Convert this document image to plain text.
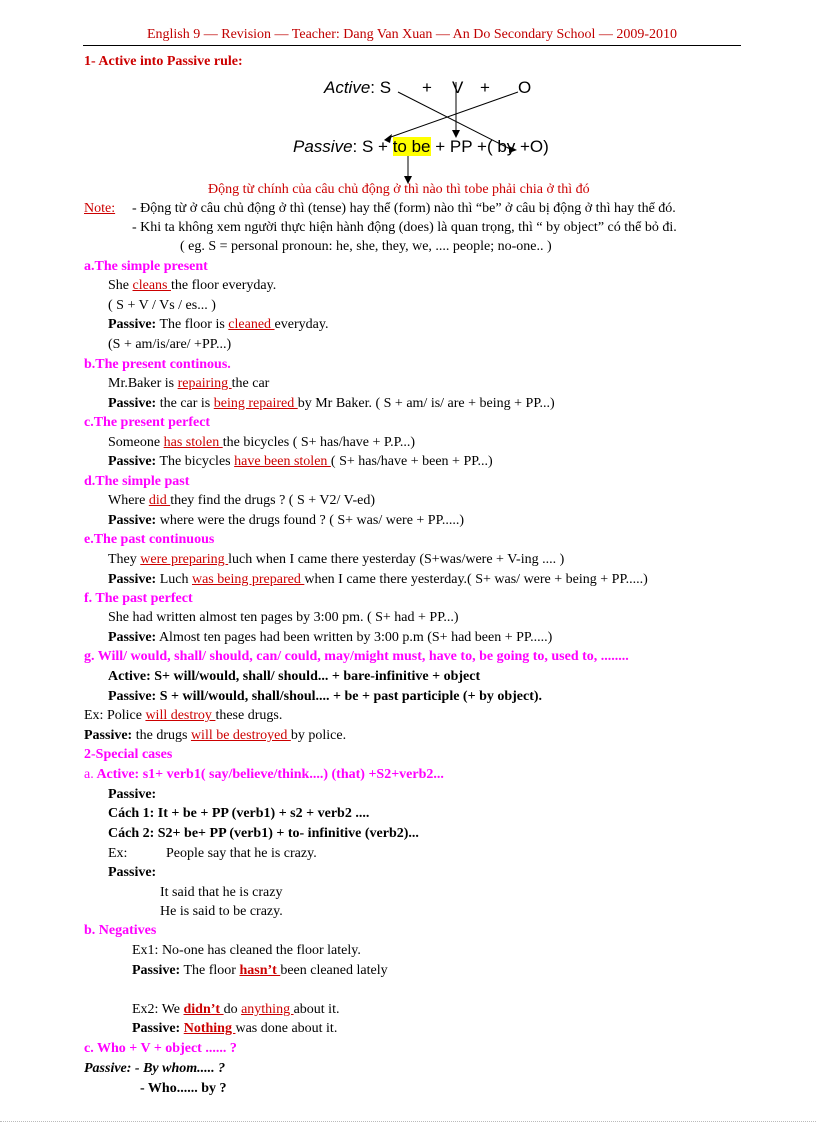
English 9 — Revision — Teacher: Dang Van Xuan — An Do Secondary School — 2009-2010
1- Active into Passive rule:
Active: S + V + O
Passive: S + to be + PP +( by +O)
Động từ chính của câu chủ động ở thì nào thì tobe phải chia ở thì đó
Note: - Động từ ở câu chủ động ở thì (tense) hay thể (form) nào thì “be” ở câu bị động ở thì hay thể đó.
- Khi ta không xem người thực hiện hành động (does) là quan trọng, thì “ by object” có thể bỏ đi.
( eg. S = personal pronoun: he, she, they, we, .... people; no-one.. )
a.The simple present
She cleans the floor everyday.
( S + V / Vs / es... )
Passive: The floor is cleaned everyday.
(S + am/is/are/ +PP...)
b.The present continous.
Mr.Baker is repairing the car
Passive: the car is being repaired by Mr Baker. ( S + am/ is/ are + being + PP...)
c.The present perfect
Someone has stolen the bicycles ( S+ has/have + P.P...)
Passive: The bicycles have been stolen ( S+ has/have + been + PP...)
d.The simple past
Where did they find the drugs ? ( S + V2/ V-ed)
Passive: where were the drugs found ? ( S+ was/ were + PP.....)
e.The past continuous
They were preparing luch when I came there yesterday (S+was/were + V-ing .... )
Passive: Luch was being prepared when I came there yesterday.( S+ was/ were + being + PP.....)
f. The past perfect
She had written almost ten pages by 3:00 pm. ( S+ had + PP...)
Passive: Almost ten pages had been written by 3:00 p.m (S+ had been + PP.....)
g. Will/ would, shall/ should, can/ could, may/might must, have to, be going to, used to, ........
Active: S+ will/would, shall/ should... + bare-infinitive + object
Passive: S + will/would, shall/shoul.... + be + past participle (+ by object).
Ex: Police will destroy these drugs.
Passive: the drugs will be destroyed by police.
2-Special cases
a. Active: s1+ verb1( say/believe/think....) (that) +S2+verb2...
Passive:
Cách 1: It + be + PP (verb1) + s2 + verb2 ....
Cách 2: S2+ be+ PP (verb1) + to- infinitive (verb2)...
Ex:	People say that he is crazy.
Passive:
It said that he is crazy
He is said to be crazy.
b. Negatives
Ex1: No-one has cleaned the floor lately.
Passive: The floor hasn’t been cleaned lately
Ex2: We didn’t do anything about it.
Passive: Nothing was done about it.
c. Who + V + object ...... ?
Passive: - By whom..... ?
- Who...... by ?
